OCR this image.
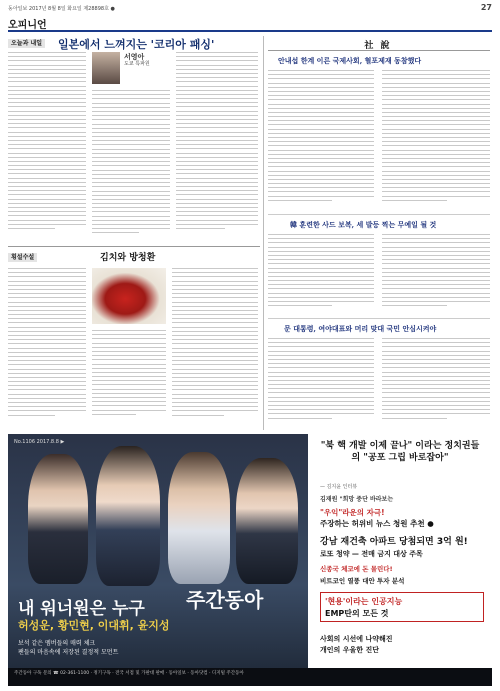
동아일보 2017년 8월 8일 화요일 제28898호 ●	27
오피니언
오늘과 내일	일본에서 느껴지는 '코리아 패싱'
서영아
도쿄 특파원
횡설수설	김치와 방청환
社 說
안내섭 한계 이른 국제사회, 혈포제재 동참했다
韓 훈련한 사드 보복, 세 발등 찍는 무예일 될 것
문 대통령, 여야대표와 머리 맞대 국민 안심시켜야
No.1106 2017.8.8 ▶
주간동아
내 워너원은 누구
허성운, 황민현, 이대휘, 윤지성
보석 같은 멤버들의 매력 체크
팬들의 마음속에 저장된 결정적 모먼트
"북 핵 개발 이제 끝나" 이라는 정치권들의 "공포 그립 바로잡아"
— 김지윤 인터뷰
김재원 "희망 중단 바라보는
"우익"라운의 자극!
주장하는 허위비 뉴스 청원 추천 ●
강남 재건축 아파트 당첨되면 3억 원!
로또 청약 — 전매 금지 대상 주목
신종국 체코에 돈 몰린다!
비트코인 열풍 대안 투자 분석
'현용'이라는 인공지능
EMP탄의 모든 것
사회의 시선에 나약해진
개인의 우울한 진단
주간동아 구독 문의 ☎ 02-361-1100 · 정기구독 · 전국 서점 및 가판대 판매 · 동아일보 · 동아닷컴 · 디지털 주간동아
